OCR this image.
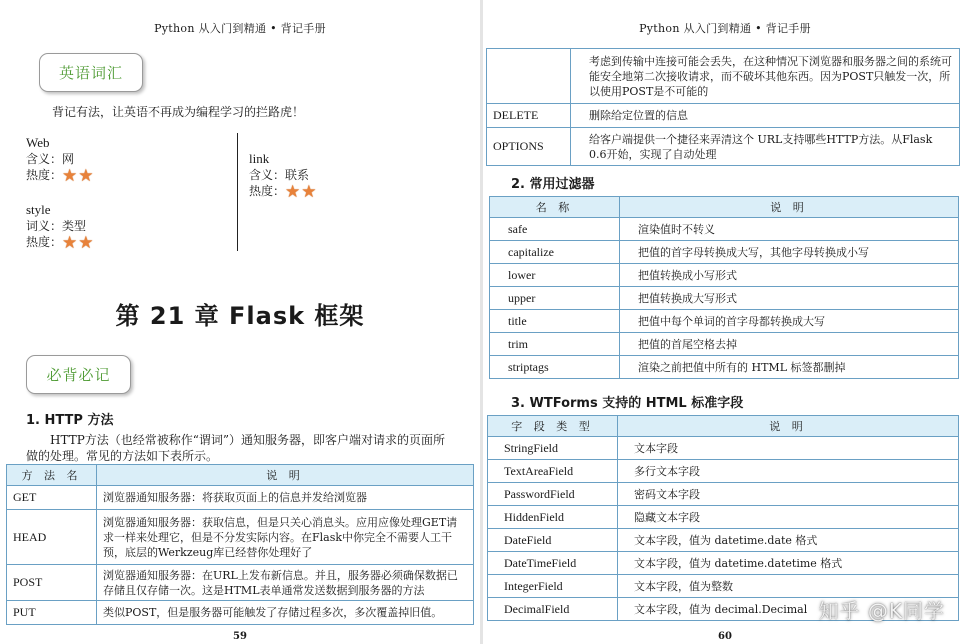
Python 从入门到精通 • 背记手册
英语词汇
背记有法，让英语不再成为编程学习的拦路虎！
Web
含义：网
热度： ★ ★
style
词义：类型
热度： ★ ★
link
含义：联系
热度： ★ ★
第 21 章 Flask 框架
必背必记
1. HTTP 方法
HTTP方法（也经常被称作“谓词”）通知服务器，即客户端对请求的页面所做的处理。常见的方法如下表所示。
方 法 名	说 明
GET	浏览器通知服务器：将获取页面上的信息并发给浏览器
HEAD	浏览器通知服务器：获取信息，但是只关心消息头。应用应像处理GET请求一样来处理它，但是不分发实际内容。在Flask中你完全不需要人工干预，底层的Werkzeug库已经替你处理好了
POST	浏览器通知服务器：在URL上发布新信息。并且，服务器必须确保数据已存储且仅存储一次。这是HTML表单通常发送数据到服务器的方法
PUT	类似POST，但是服务器可能触发了存储过程多次，多次覆盖掉旧值。
59
Python 从入门到精通 • 背记手册
	考虑到传输中连接可能会丢失，在这种情况下浏览器和服务器之间的系统可能安全地第二次接收请求，而不破坏其他东西。因为POST只触发一次，所以使用POST是不可能的
DELETE	删除给定位置的信息
OPTIONS	给客户端提供一个捷径来弄清这个 URL支持哪些HTTP方法。从Flask 0.6开始，实现了自动处理
2. 常用过滤器
名 称	说 明
safe	渲染值时不转义
capitalize	把值的首字母转换成大写，其他字母转换成小写
lower	把值转换成小写形式
upper	把值转换成大写形式
title	把值中每个单词的首字母都转换成大写
trim	把值的首尾空格去掉
striptags	渲染之前把值中所有的 HTML 标签都删掉
3. WTForms 支持的 HTML 标准字段
字 段 类 型	说 明
StringField	文本字段
TextAreaField	多行文本字段
PasswordField	密码文本字段
HiddenField	隐藏文本字段
DateField	文本字段，值为 datetime.date 格式
DateTimeField	文本字段，值为 datetime.datetime 格式
IntegerField	文本字段，值为整数
DecimalField	文本字段，值为 decimal.Decimal
60
知乎 @K同学
